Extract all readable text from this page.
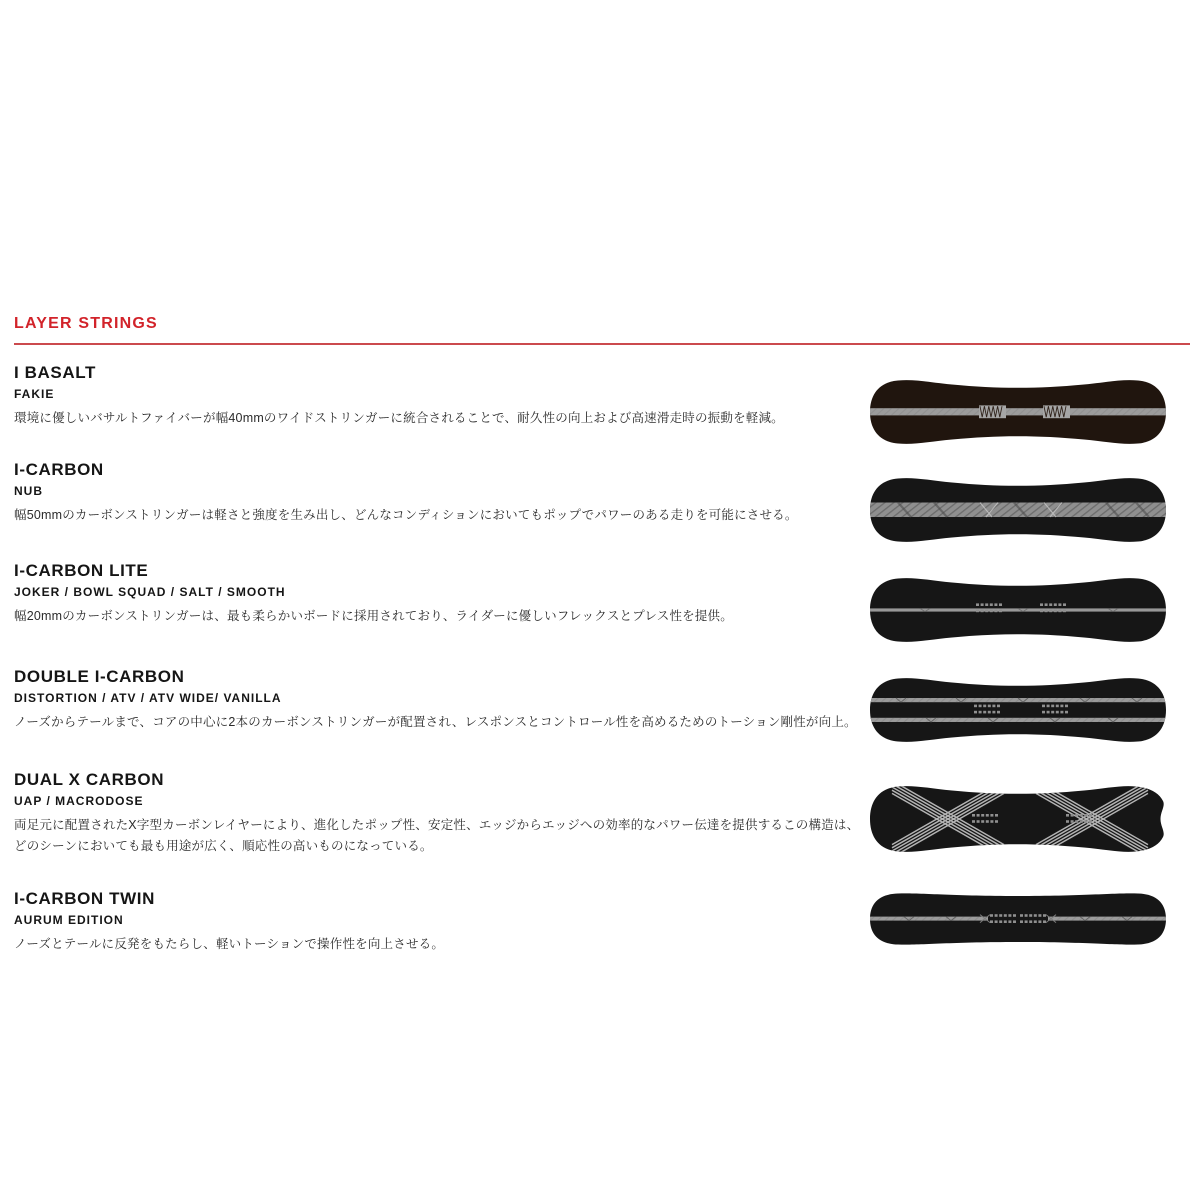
LAYER STRINGS
I BASALT
FAKIE

環境に優しいバサルトファイバーが幅40mmのワイドストリンガーに統合されることで、耐久性の向上および高速滑走時の振動を軽減。

I-CARBON
NUB

幅50mmのカーボンストリンガーは軽さと強度を生み出し、どんなコンディションにおいてもポップでパワーのある走りを可能にさせる。

I-CARBON LITE
JOKER / BOWL SQUAD / SALT / SMOOTH

幅20mmのカーボンストリンガーは、最も柔らかいボードに採用されており、ライダーに優しいフレックスとプレス性を提供。

DOUBLE I-CARBON
DISTORTION / ATV / ATV WIDE/ VANILLA

ノーズからテールまで、コアの中心に2本のカーボンストリンガーが配置され、レスポンスとコントロール性を高めるためのトーション剛性が向上。

DUAL X CARBON
UAP / MACRODOSE

両足元に配置されたX字型カーボンレイヤーにより、進化したポップ性、安定性、エッジからエッジへの効率的なパワー伝達を提供するこの構造は、どのシーンにおいても最も用途が広く、順応性の高いものになっている。

I-CARBON TWIN
AURUM EDITION

ノーズとテールに反発をもたらし、軽いトーションで操作性を向上させる。
